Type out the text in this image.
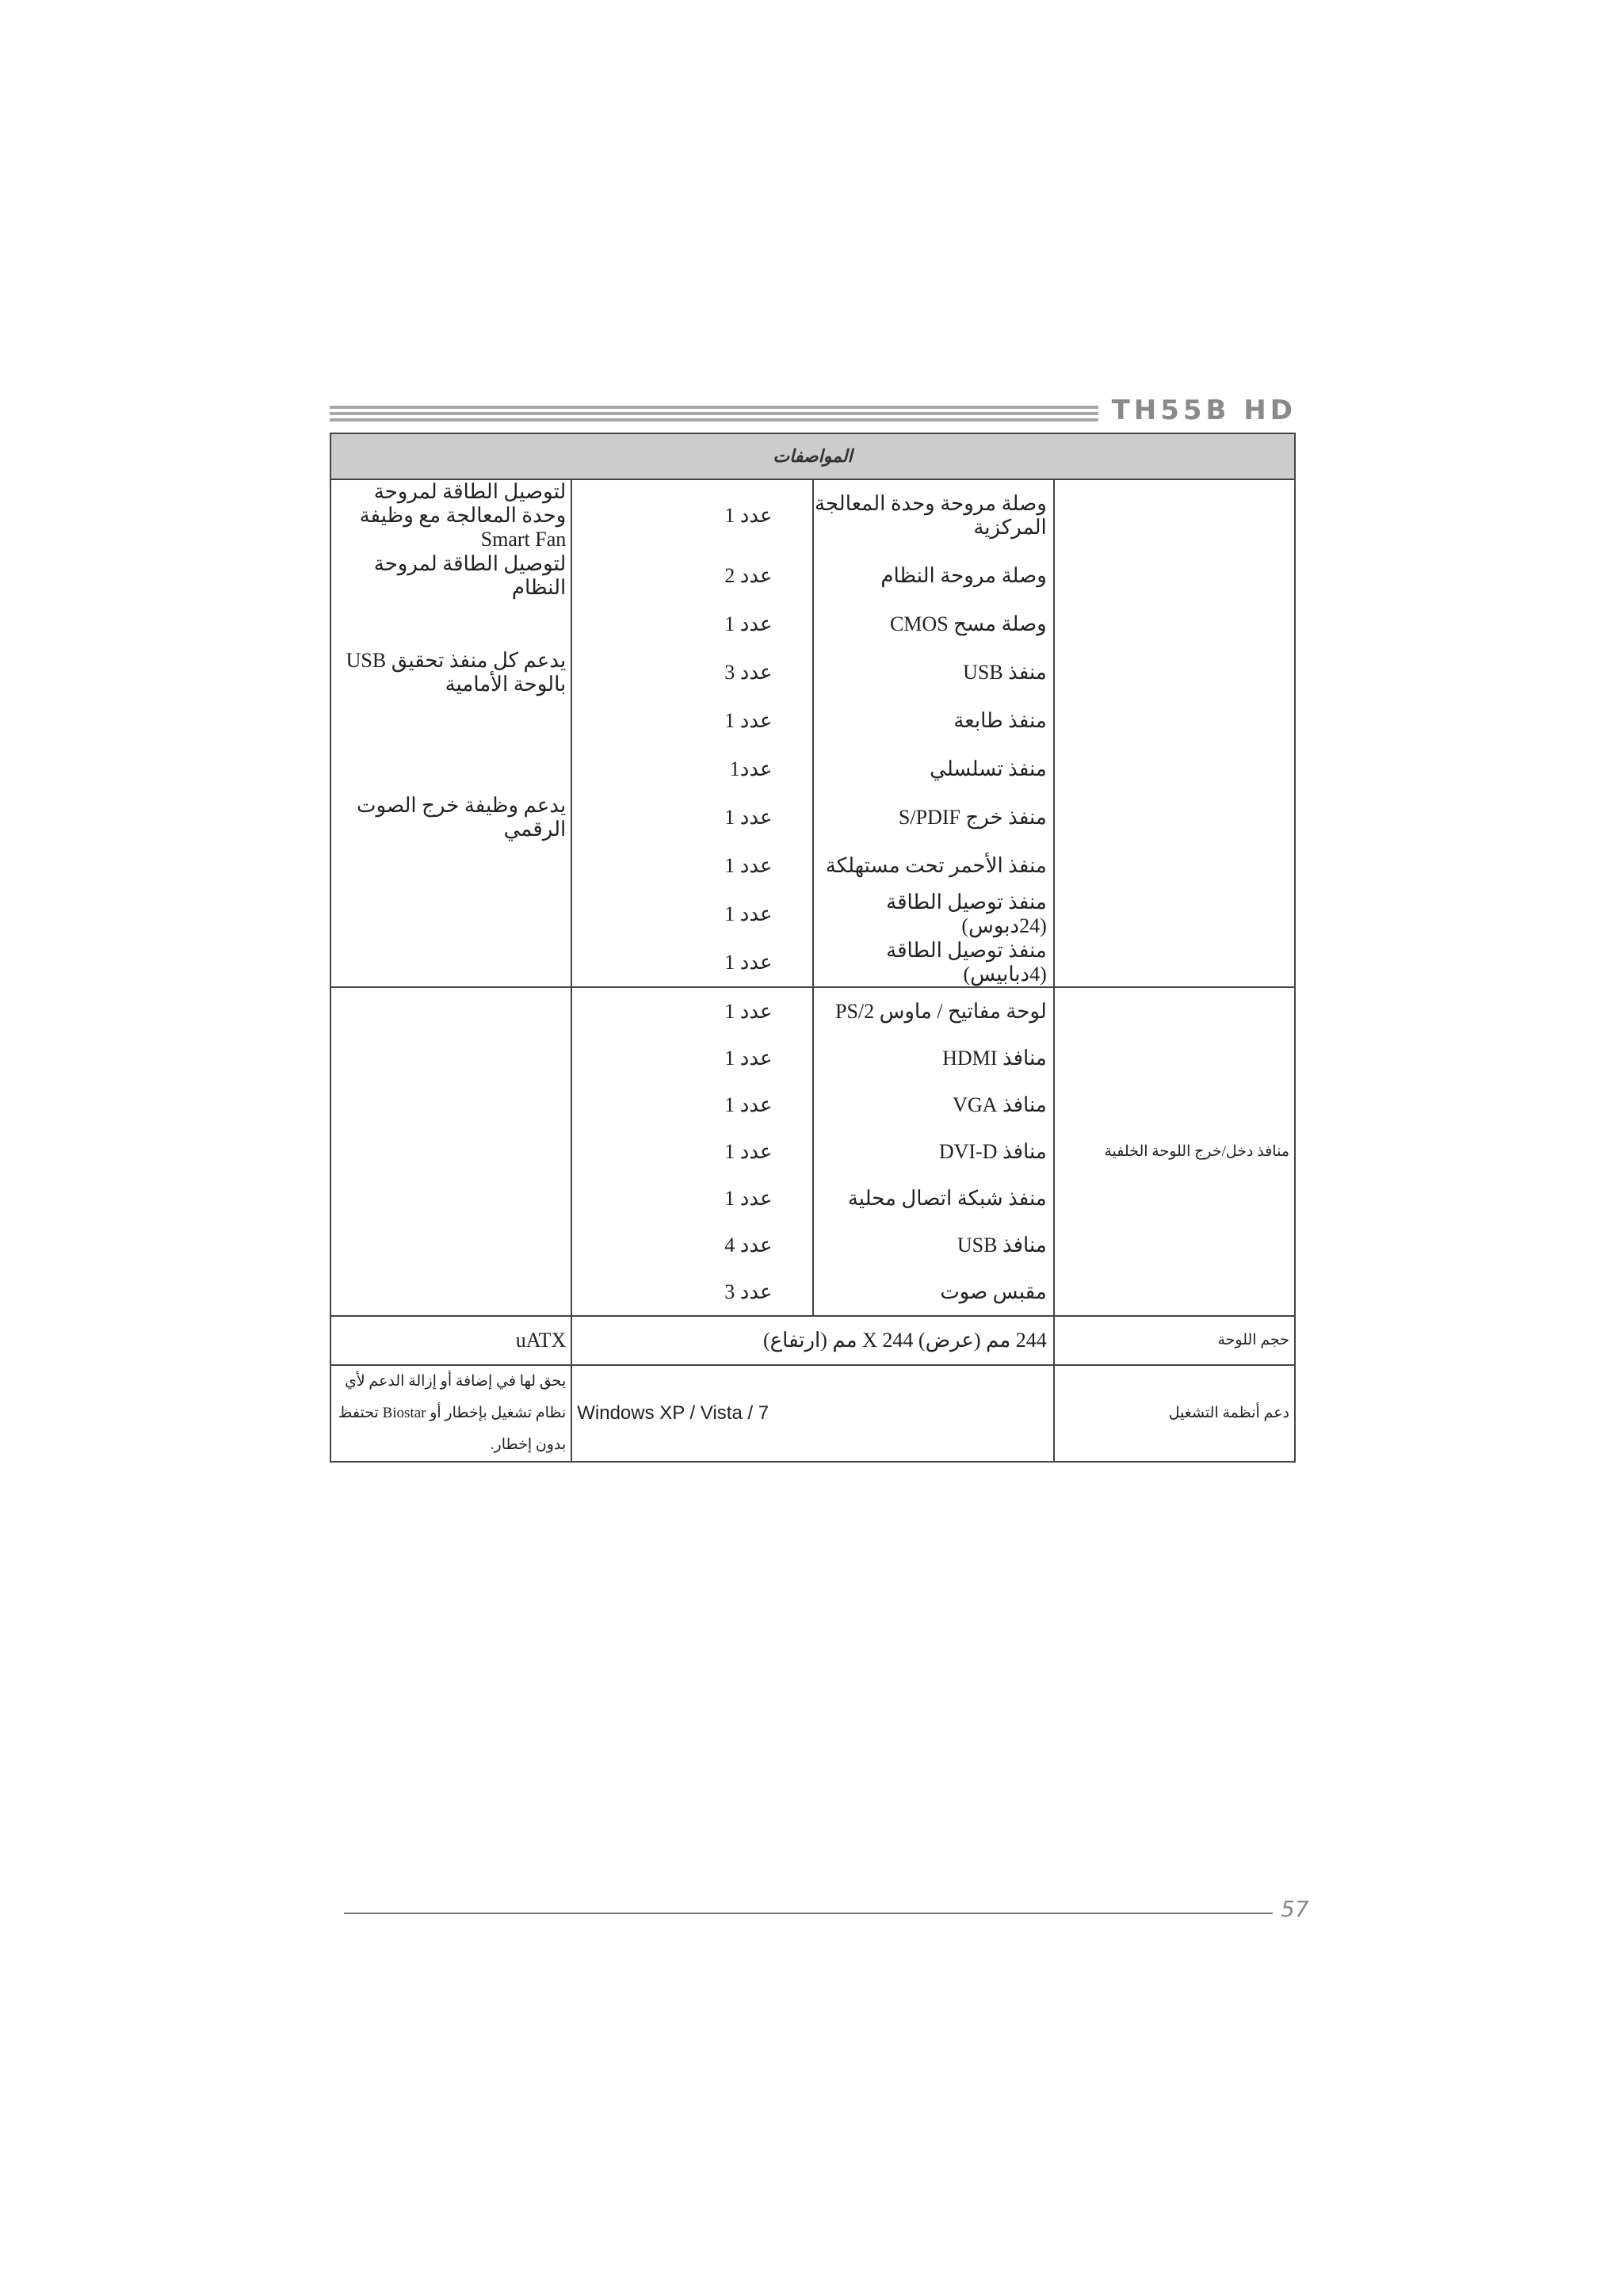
TH55B HD
المواصفات			
	وصلة مروحة وحدة المعالجة المركزية	عدد 1	لتوصيل الطاقة لمروحة وحدة المعالجة مع وظيفة Smart Fan
	وصلة مروحة النظام	عدد 2	لتوصيل الطاقة لمروحة النظام
	وصلة مسح CMOS	عدد 1	
	منفذ USB	عدد 3	يدعم كل منفذ تحقيق USB بالوحة الأمامية
	منفذ طابعة	عدد 1	
	منفذ تسلسلي	عدد1	
	منفذ خرج S/PDIF	عدد 1	يدعم وظيفة خرج الصوت الرقمي
	منفذ الأحمر تحت مستهلكة	عدد 1	
	منفذ توصيل الطاقة (24دبوس)	عدد 1	
	منفذ توصيل الطاقة (4دبابيس)	عدد 1	
منافذ دخل/خرج اللوحة الخلفية	لوحة مفاتيح / ماوس PS/2	عدد 1	
	منافذ HDMI	عدد 1	
	منافذ VGA	عدد 1	
	منافذ DVI-D	عدد 1	
	منفذ شبكة اتصال محلية	عدد 1	
	منافذ USB	عدد 4	
	مقبس صوت	عدد 3	
حجم اللوحة	244 مم (عرض) X 244 مم (ارتفاع)		uATX
دعم أنظمة التشغيل	Windows XP / Vista / 7		يحق لها في إضافة أو إزالة الدعم لأي نظام تشغيل بإخطار أو Biostar تحتفظ
بدون إخطار.
57
